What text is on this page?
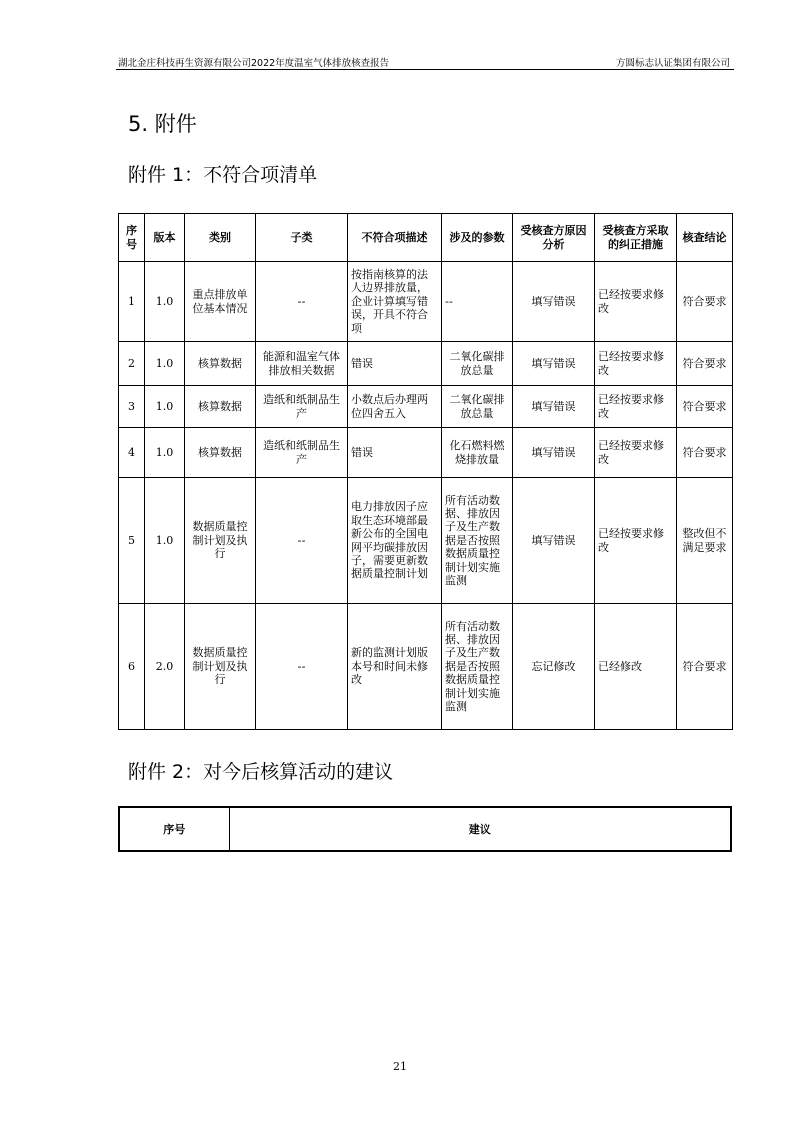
湖北金庄科技再生资源有限公司2022年度温室气体排放核查报告	方圆标志认证集团有限公司
5. 附件
附件 1：不符合项清单
序号	版本	类别	子类	不符合项描述	涉及的参数	受核查方原因分析	受核查方采取的纠正措施	核查结论
1	1.0	重点排放单位基本情况	--	按指南核算的法人边界排放量，企业计算填写错误，开具不符合项	--	填写错误	已经按要求修改	符合要求
2	1.0	核算数据	能源和温室气体排放相关数据	错误	二氧化碳排放总量	填写错误	已经按要求修改	符合要求
3	1.0	核算数据	造纸和纸制品生产	小数点后办理两位四舍五入	二氧化碳排放总量	填写错误	已经按要求修改	符合要求
4	1.0	核算数据	造纸和纸制品生产	错误	化石燃料燃烧排放量	填写错误	已经按要求修改	符合要求
5	1.0	数据质量控制计划及执行	--	电力排放因子应取生态环境部最新公布的全国电网平均碳排放因子，需要更新数据质量控制计划	所有活动数据、排放因子及生产数据是否按照数据质量控制计划实施监测	填写错误	已经按要求修改	整改但不满足要求
6	2.0	数据质量控制计划及执行	--	新的监测计划版本号和时间未修改	所有活动数据、排放因子及生产数据是否按照数据质量控制计划实施监测	忘记修改	已经修改	符合要求
附件 2：对今后核算活动的建议
序号	建议
21
